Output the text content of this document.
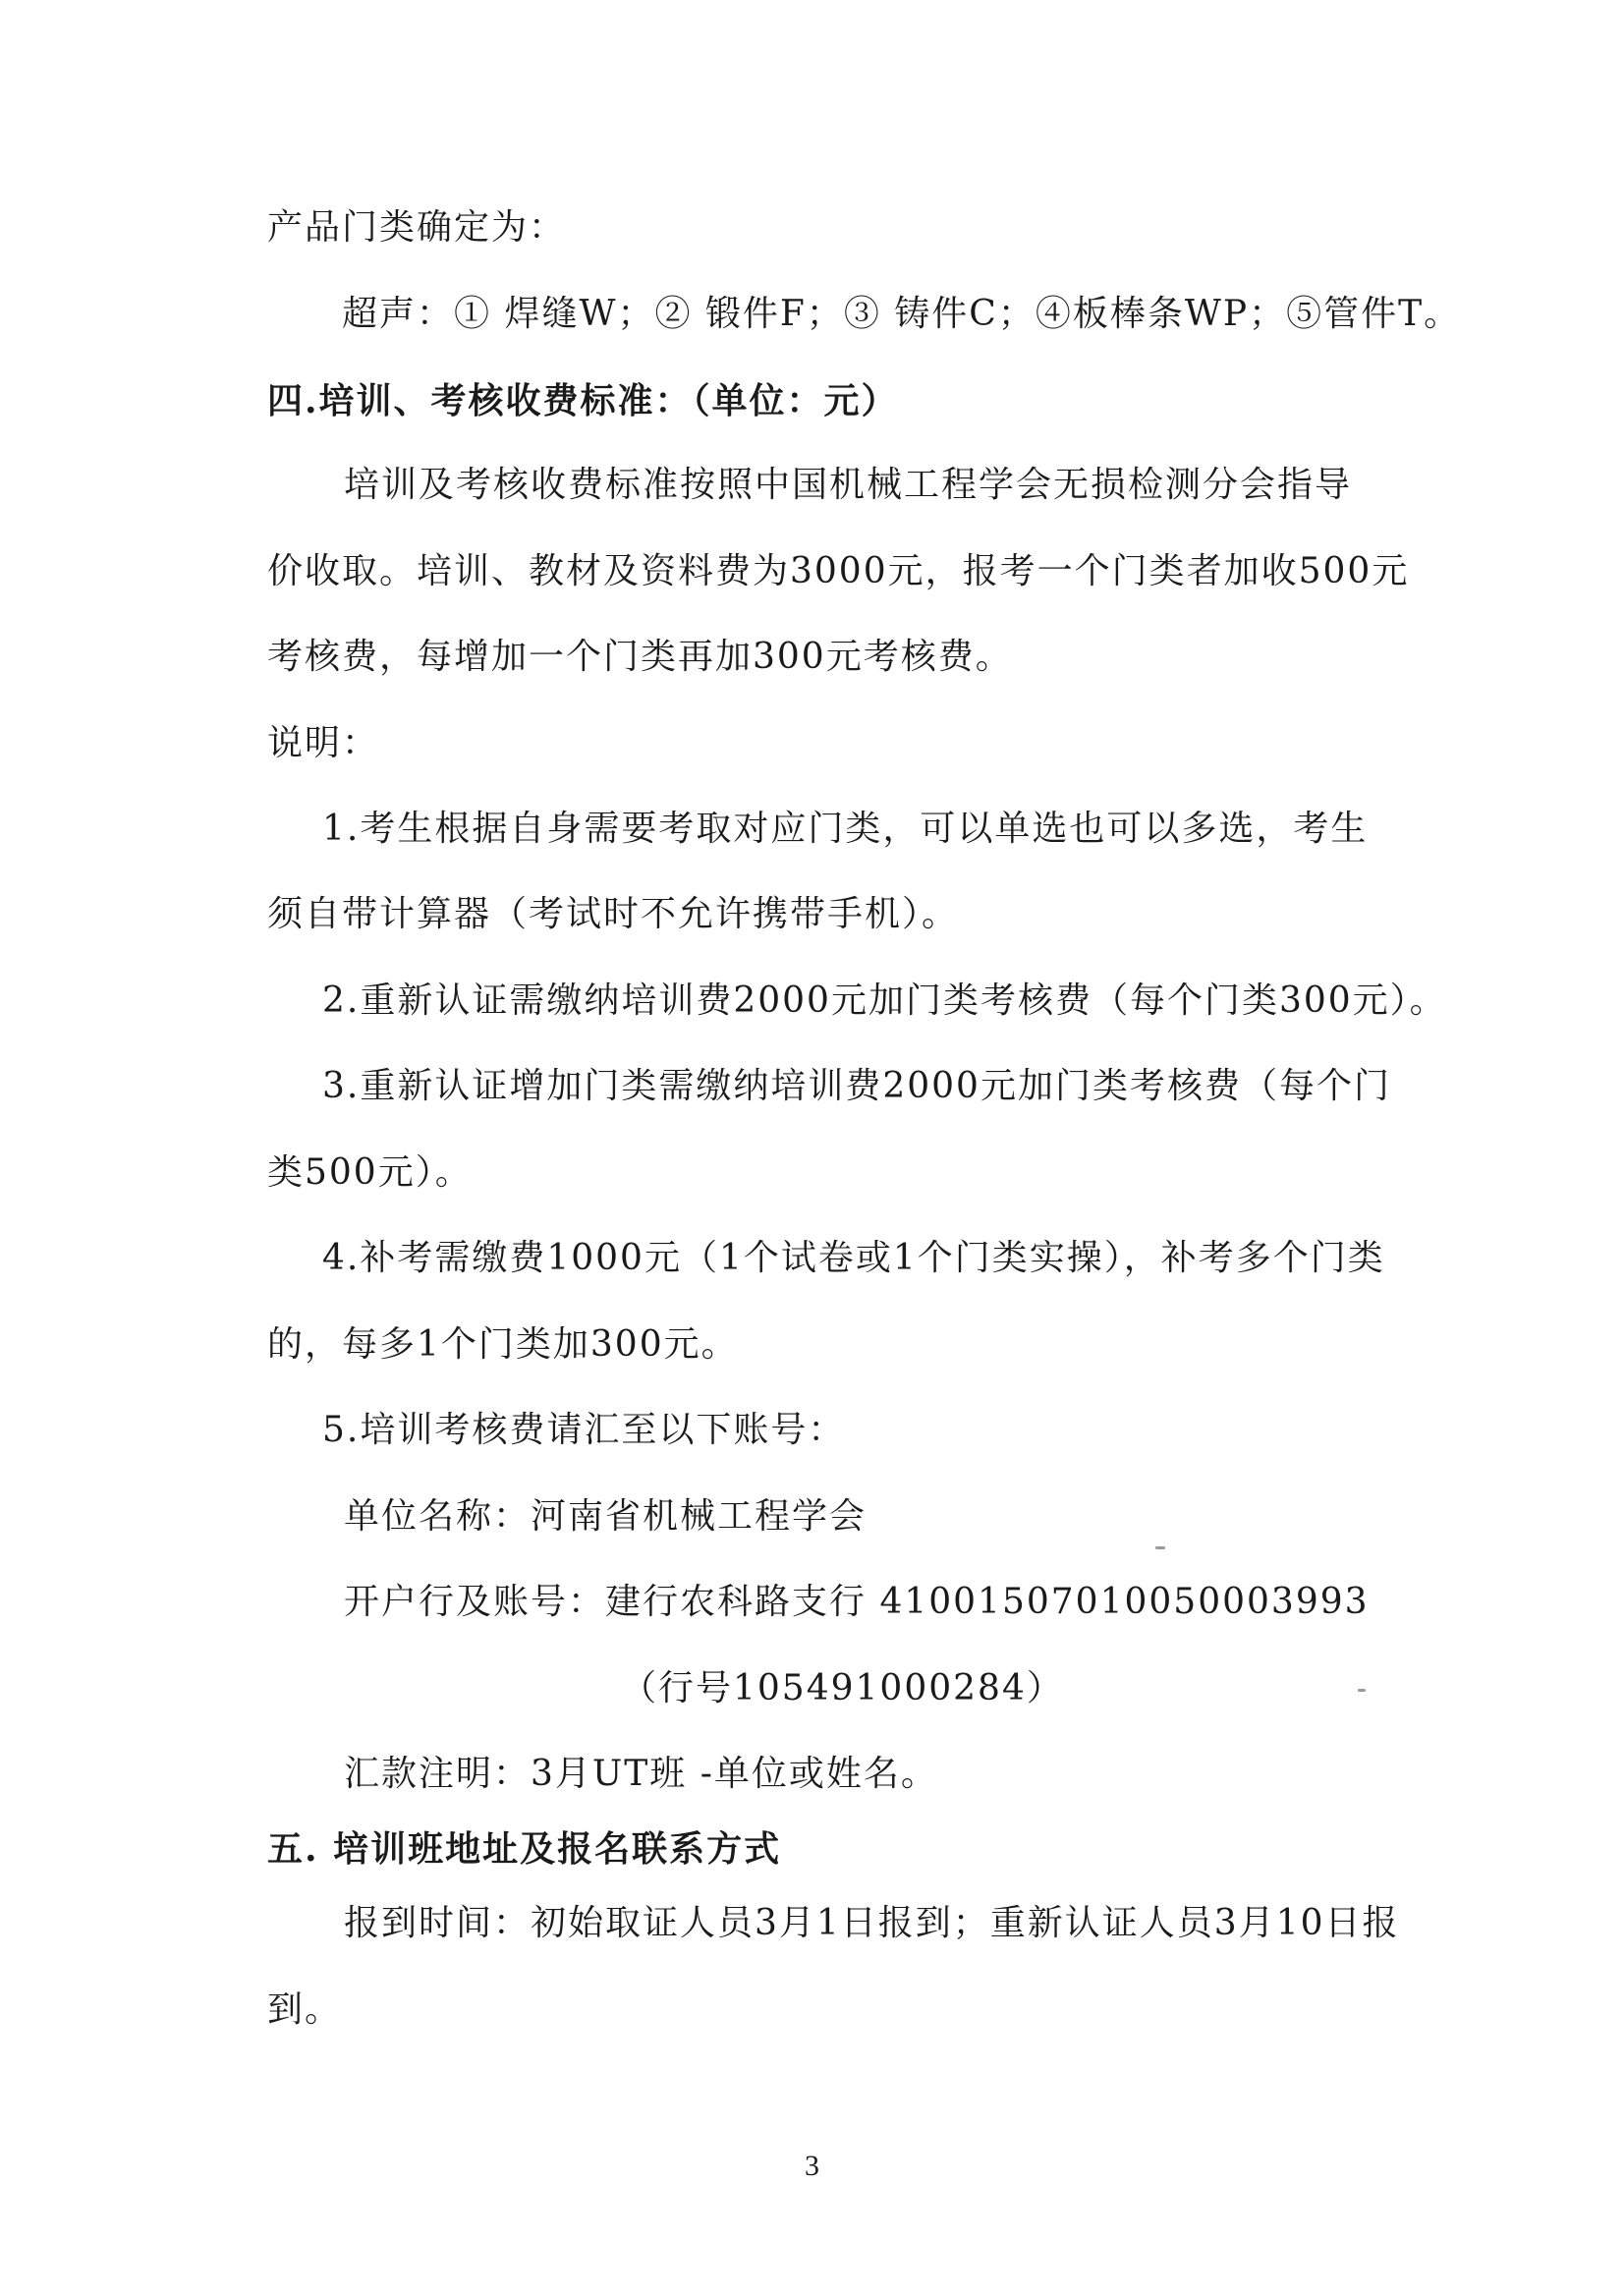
产品门类确定为：
超声：① 焊缝W；② 锻件F；③ 铸件C；④板棒条WP；⑤管件T。
四.培训、考核收费标准：（单位：元）
培训及考核收费标准按照中国机械工程学会无损检测分会指导
价收取。培训、教材及资料费为3000元，报考一个门类者加收500元
考核费，每增加一个门类再加300元考核费。
说明：
1.考生根据自身需要考取对应门类，可以单选也可以多选，考生
须自带计算器（考试时不允许携带手机）。
2.重新认证需缴纳培训费2000元加门类考核费（每个门类300元）。
3.重新认证增加门类需缴纳培训费2000元加门类考核费（每个门
类500元）。
4.补考需缴费1000元（1个试卷或1个门类实操），补考多个门类
的，每多1个门类加300元。
5.培训考核费请汇至以下账号：
单位名称：河南省机械工程学会
开户行及账号：建行农科路支行 41001507010050003993
（行号105491000284）
汇款注明：3月UT班 -单位或姓名。
五. 培训班地址及报名联系方式
报到时间：初始取证人员3月1日报到；重新认证人员3月10日报
到。
3
